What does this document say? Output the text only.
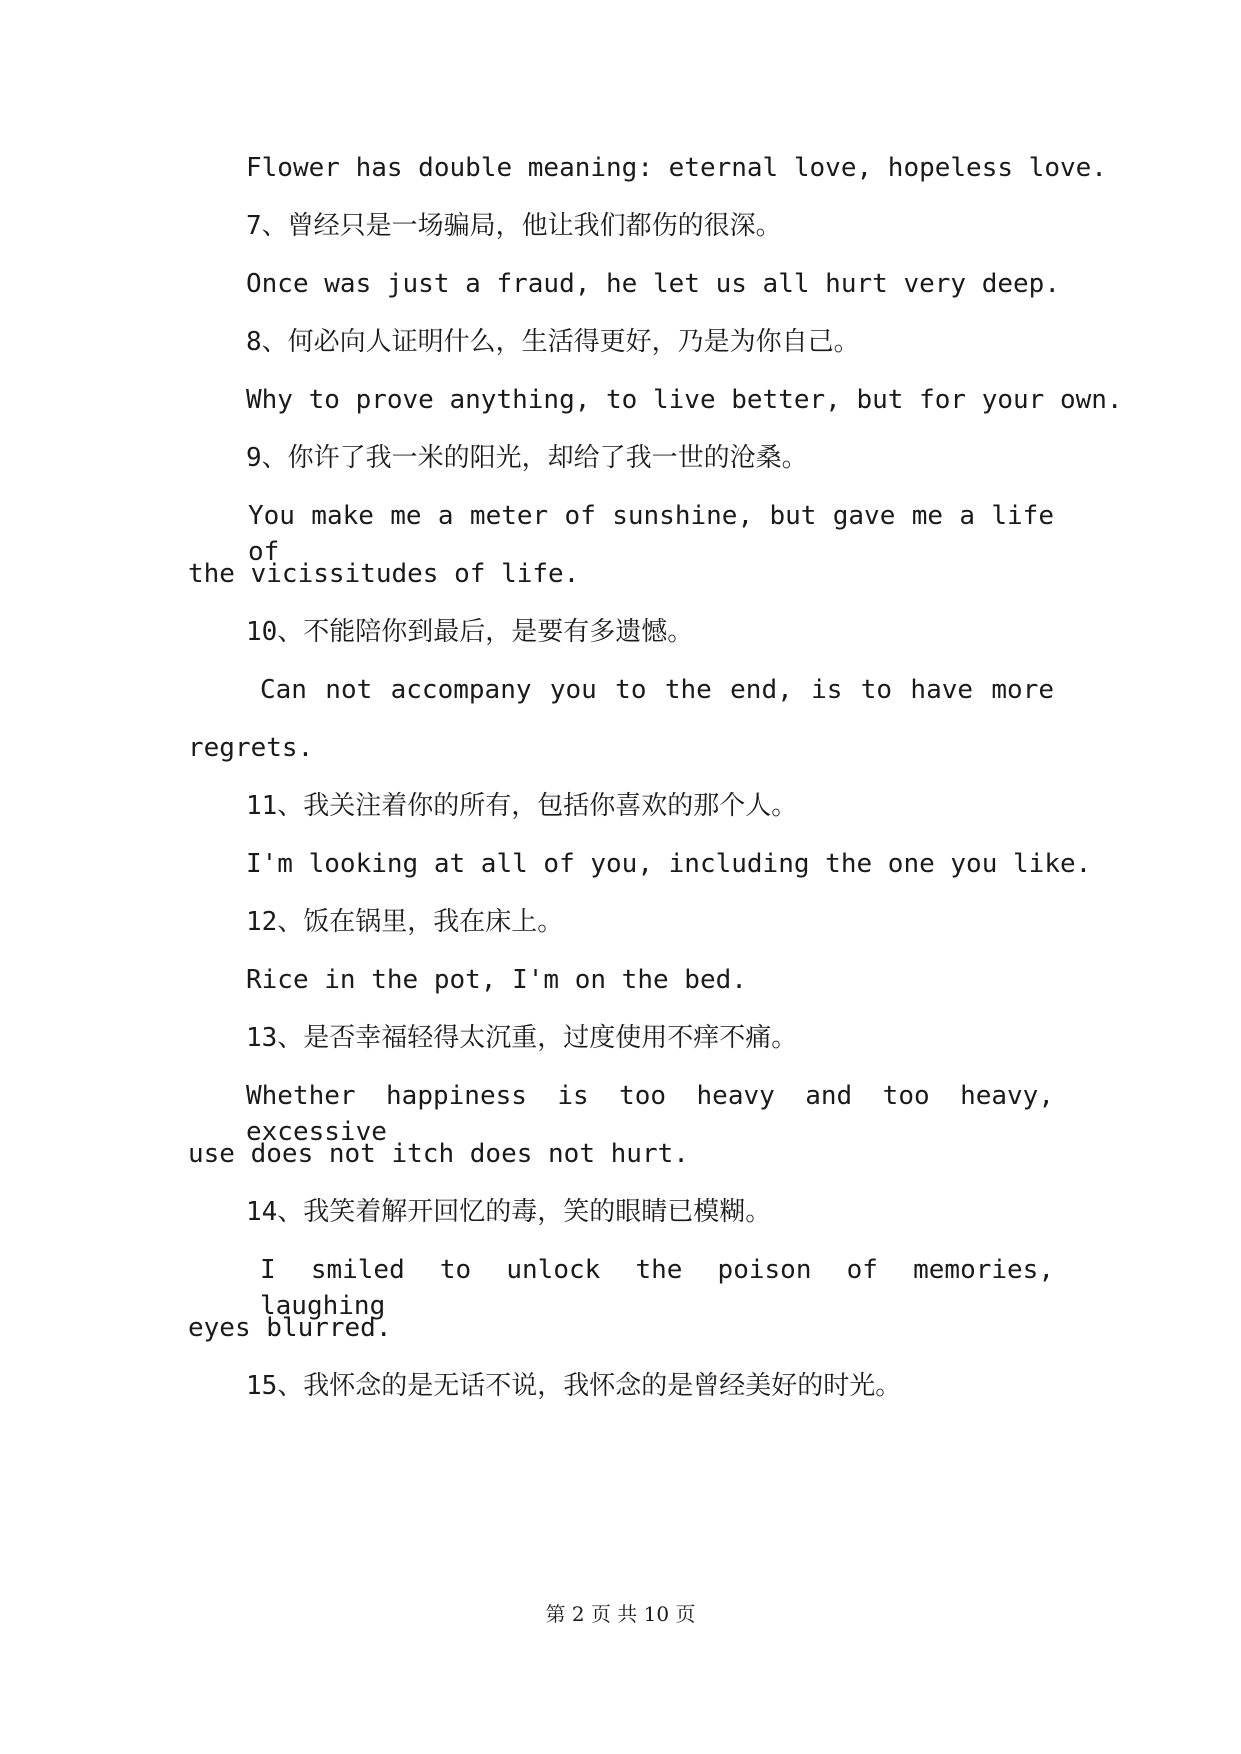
Flower has double meaning: eternal love, hopeless love.

7、曾经只是一场骗局，他让我们都伤的很深。

Once was just a fraud, he let us all hurt very deep.

8、何必向人证明什么，生活得更好，乃是为你自己。

Why to prove anything, to live better, but for your own.

9、你许了我一米的阳光，却给了我一世的沧桑。

You make me a meter of sunshine, but gave me a life of

the vicissitudes of life.

10、不能陪你到最后，是要有多遗憾。

Can not accompany you to the end, is to have more

regrets.

11、我关注着你的所有，包括你喜欢的那个人。

I'm looking at all of you, including the one you like.

12、饭在锅里，我在床上。

Rice in the pot, I'm on the bed.

13、是否幸福轻得太沉重，过度使用不痒不痛。

Whether happiness is too heavy and too heavy, excessive

use does not itch does not hurt.

14、我笑着解开回忆的毒，笑的眼睛已模糊。

I smiled to unlock the poison of memories, laughing

eyes blurred.

15、我怀念的是无话不说，我怀念的是曾经美好的时光。

第 2 页 共 10 页
